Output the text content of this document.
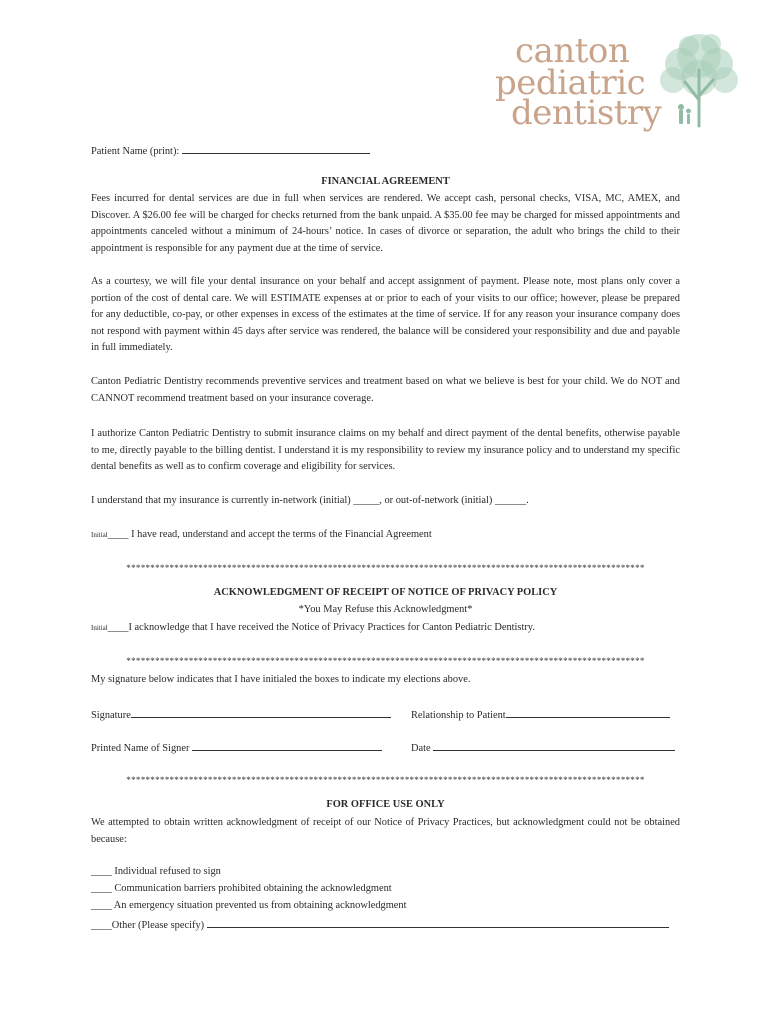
canton
pediatric
dentistry
Patient Name (print):
FINANCIAL AGREEMENT

Fees incurred for dental services are due in full when services are rendered. We accept cash, personal checks, VISA, MC, AMEX, and Discover. A $26.00 fee will be charged for checks returned from the bank unpaid. A $35.00 fee may be charged for missed appointments and appointments canceled without a minimum of 24-hours’ notice. In cases of divorce or separation, the adult who brings the child to their appointment is responsible for any payment due at the time of service.

As a courtesy, we will file your dental insurance on your behalf and accept assignment of payment. Please note, most plans only cover a portion of the cost of dental care. We will ESTIMATE expenses at or prior to each of your visits to our office; however, please be prepared for any deductible, co-pay, or other expenses in excess of the estimates at the time of service. If for any reason your insurance company does not respond with payment within 45 days after service was rendered, the balance will be considered your responsibility and due and payable in full immediately.

Canton Pediatric Dentistry recommends preventive services and treatment based on what we believe is best for your child. We do NOT and CANNOT recommend treatment based on your insurance coverage.

I authorize Canton Pediatric Dentistry to submit insurance claims on my behalf and direct payment of the dental benefits, otherwise payable to me, directly payable to the billing dentist. I understand it is my responsibility to review my insurance policy and to understand my specific dental benefits as well as to confirm coverage and eligibility for services.

I understand that my insurance is currently in-network (initial) _____, or out-of-network (initial) ______.
Initial____ I have read, understand and accept the terms of the Financial Agreement
************************************************************************************************************
ACKNOWLEDGMENT OF RECEIPT OF NOTICE OF PRIVACY POLICY
*You May Refuse this Acknowledgment*
Initial____I acknowledge that I have received the Notice of Privacy Practices for Canton Pediatric Dentistry.
************************************************************************************************************
My signature below indicates that I have initialed the boxes to indicate my elections above.
Signature	Relationship to Patient
Printed Name of Signer	Date
************************************************************************************************************
FOR OFFICE USE ONLY

We attempted to obtain written acknowledgment of receipt of our Notice of Privacy Practices, but acknowledgment could not be obtained because:

____ Individual refused to sign
____ Communication barriers prohibited obtaining the acknowledgment
____ An emergency situation prevented us from obtaining acknowledgment
____Other (Please specify)
